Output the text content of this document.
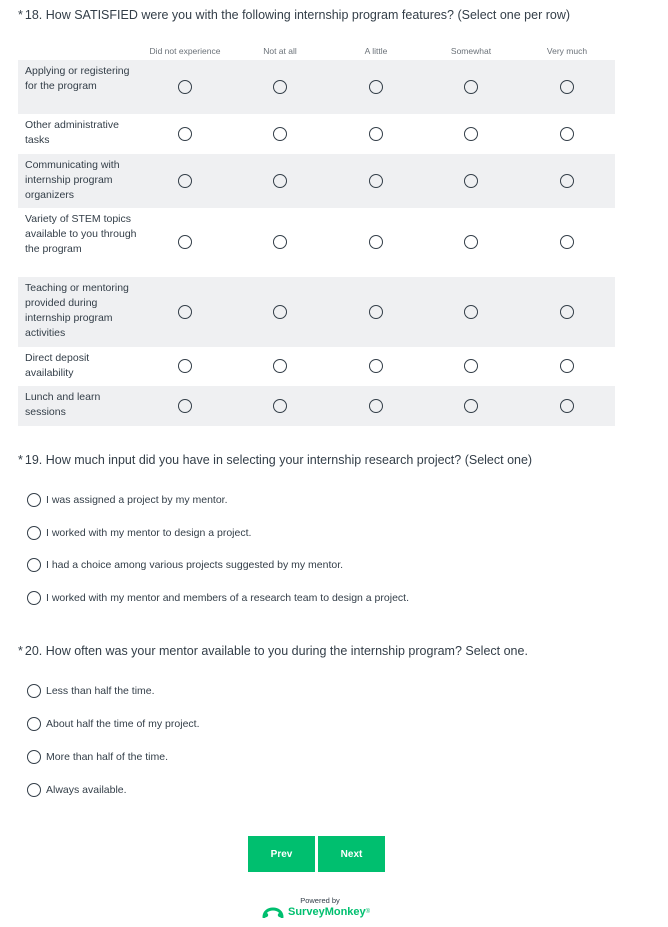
* 18. How SATISFIED were you with the following internship program features? (Select one per row)
Did not experience	Not at all	A little	Somewhat	Very much
Applying or registering for the program
Other administrative tasks
Communicating with internship program organizers
Variety of STEM topics available to you through the program
Teaching or mentoring provided during internship program activities
Direct deposit availability
Lunch and learn sessions
* 19. How much input did you have in selecting your internship research project? (Select one)
I was assigned a project by my mentor.
I worked with my mentor to design a project.
I had a choice among various projects suggested by my mentor.
I worked with my mentor and members of a research team to design a project.
* 20. How often was your mentor available to you during the internship program? Select one.
Less than half the time.
About half the time of my project.
More than half of the time.
Always available.
Prev	Next
Powered by
SurveyMonkey ®
